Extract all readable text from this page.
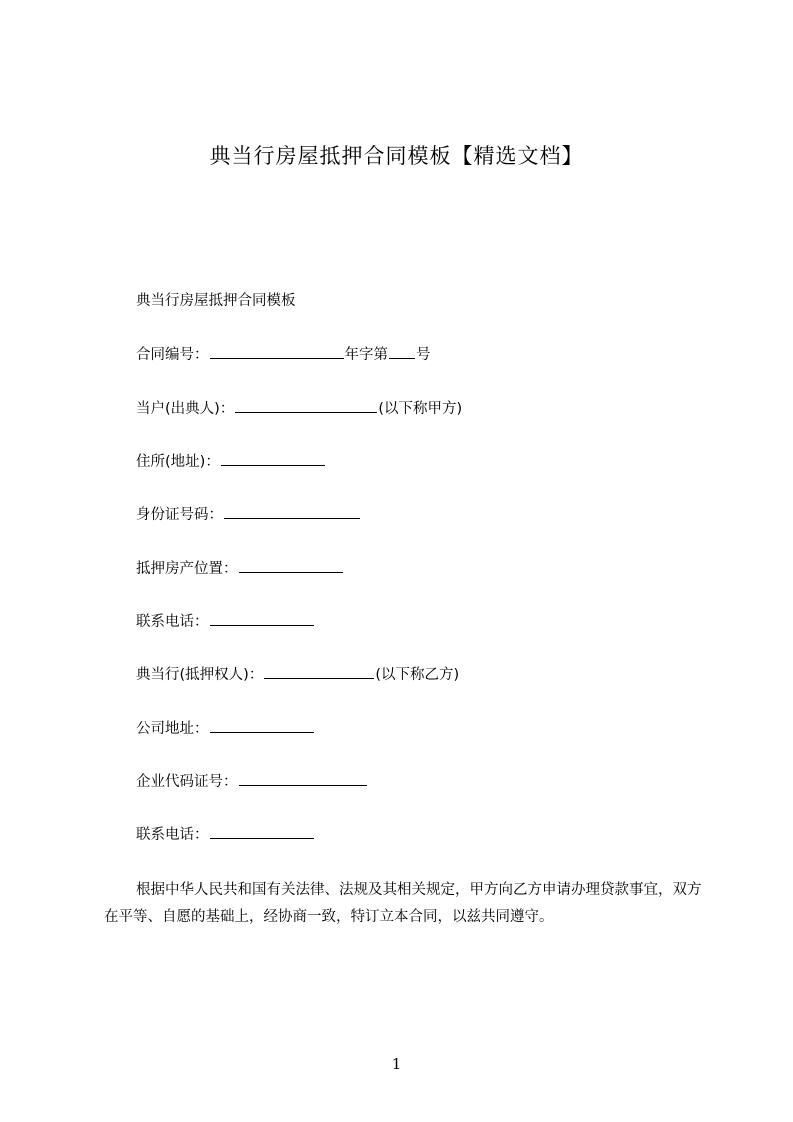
典当行房屋抵押合同模板【精选文档】
典当行房屋抵押合同模板
合同编号：	年字第 号
当户(出典人)：	(以下称甲方)
住所(地址)：
身份证号码：
抵押房产位置：
联系电话：
典当行(抵押权人)：	(以下称乙方)
公司地址：
企业代码证号：
联系电话：

根据中华人民共和国有关法律、法规及其相关规定，甲方向乙方申请办理贷款事宜，双方在平等、自愿的基础上，经协商一致，特订立本合同，以兹共同遵守。

1
